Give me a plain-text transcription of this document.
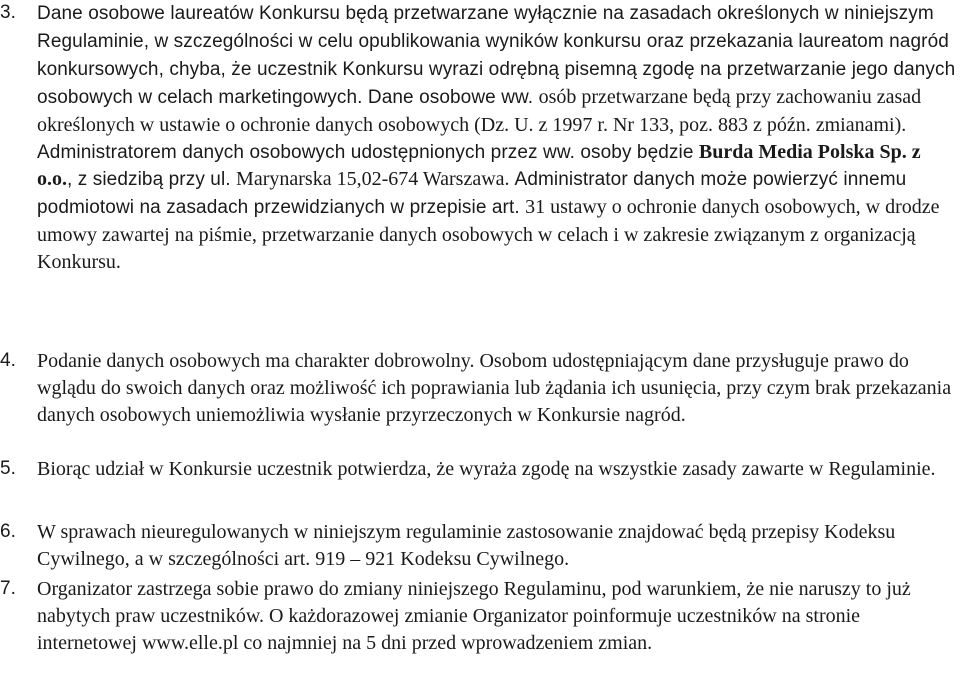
3.	Dane osobowe laureatów Konkursu będą przetwarzane wyłącznie na zasadach określonych w niniejszym Regulaminie, w szczególności w celu opublikowania wyników konkursu oraz przekazania laureatom nagród konkursowych, chyba, że uczestnik Konkursu wyrazi odrębną pisemną zgodę na przetwarzanie jego danych osobowych w celach marketingowych. Dane osobowe ww. osób przetwarzane będą przy zachowaniu zasad określonych w ustawie o ochronie danych osobowych (Dz. U. z 1997 r. Nr 133, poz. 883 z późn. zmianami). Administratorem danych osobowych udostępnionych przez ww. osoby będzie Burda Media Polska Sp. z o.o., z siedzibą przy ul. Marynarska 15,02-674 Warszawa. Administrator danych może powierzyć innemu podmiotowi na zasadach przewidzianych w przepisie art. 31 ustawy o ochronie danych osobowych, w drodze umowy zawartej na piśmie, przetwarzanie danych osobowych w celach i w zakresie związanym z organizacją Konkursu.
4.	Podanie danych osobowych ma charakter dobrowolny. Osobom udostępniającym dane przysługuje prawo do wglądu do swoich danych oraz możliwość ich poprawiania lub żądania ich usunięcia, przy czym brak przekazania danych osobowych uniemożliwia wysłanie przyrzeczonych w Konkursie nagród.
5.	Biorąc udział w Konkursie uczestnik potwierdza, że wyraża zgodę na wszystkie zasady zawarte w Regulaminie.
6.	W sprawach nieuregulowanych w niniejszym regulaminie zastosowanie znajdować będą przepisy Kodeksu Cywilnego, a w szczególności art. 919 – 921 Kodeksu Cywilnego.
7.	Organizator zastrzega sobie prawo do zmiany niniejszego Regulaminu, pod warunkiem, że nie naruszy to już nabytych praw uczestników. O każdorazowej zmianie Organizator poinformuje uczestników na stronie internetowej www.elle.pl co najmniej na 5 dni przed wprowadzeniem zmian.
